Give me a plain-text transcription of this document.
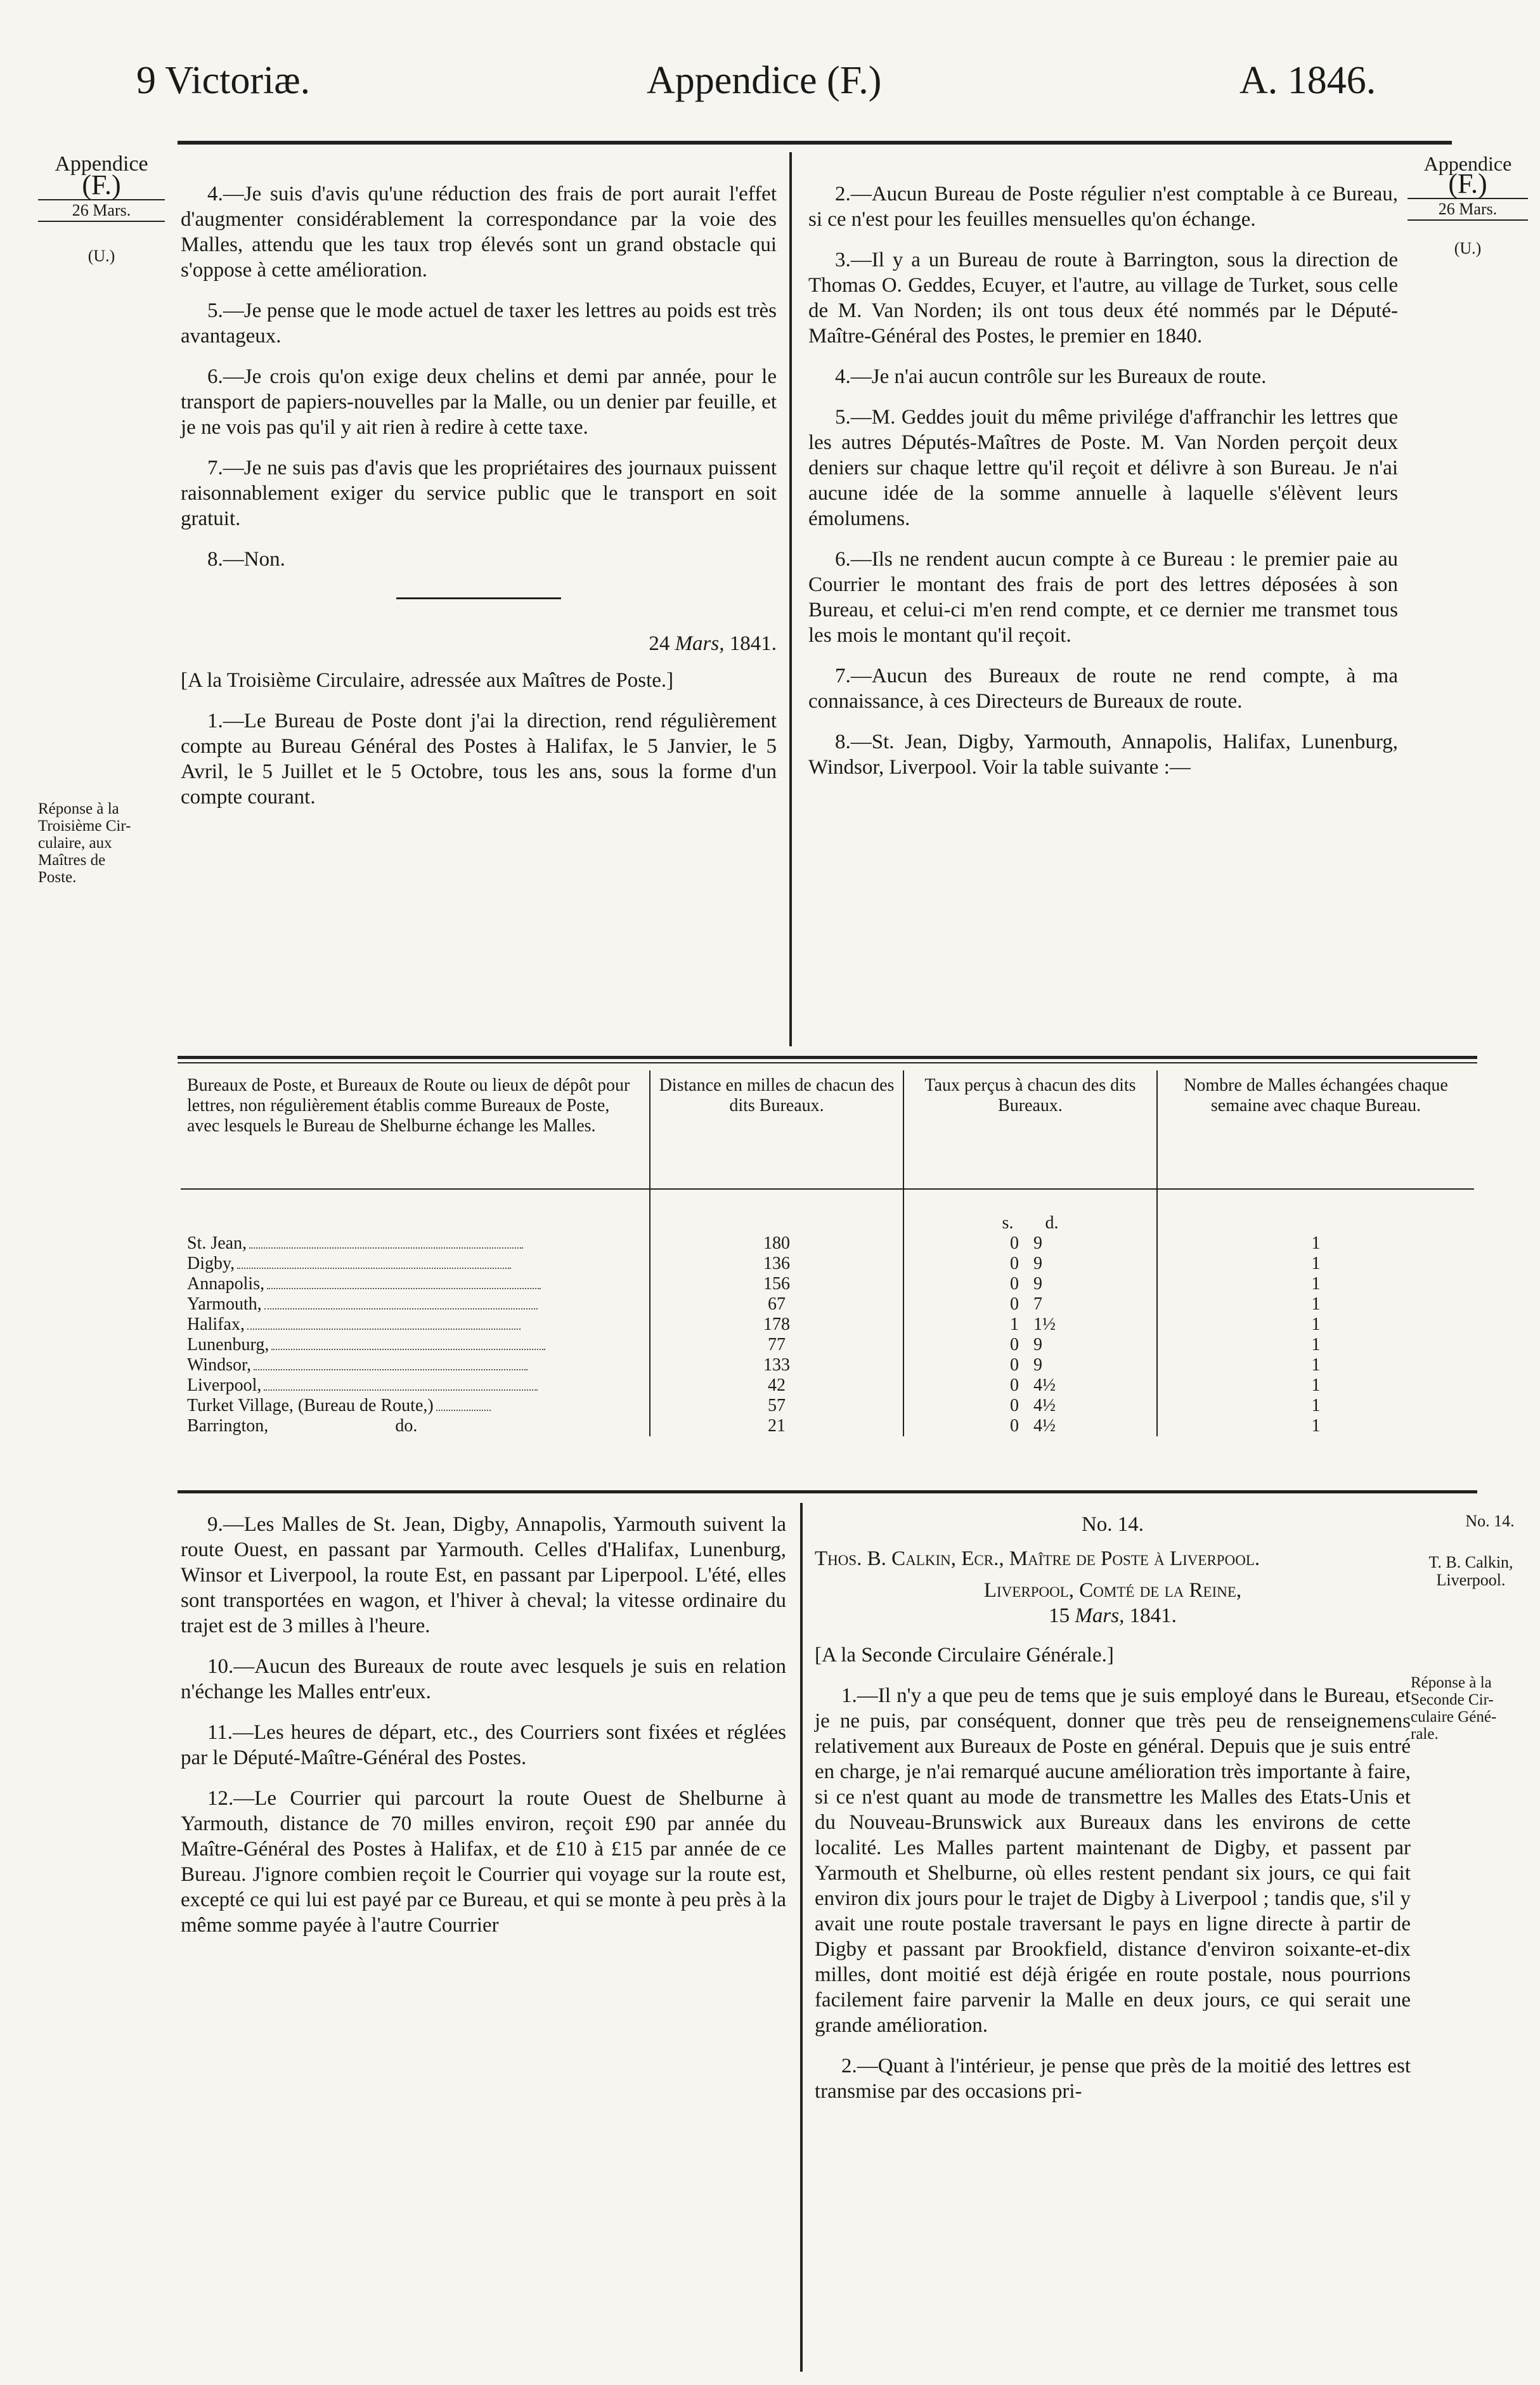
9 Victoriæ.	Appendice (F.)	A. 1846.
Appendice
(F.)
26 Mars.
(U.)
Réponse à la
Troisième Cir-
culaire, aux
Maîtres de
Poste.
Appendice
(F.)
26 Mars.
(U.)
No. 14.
T. B. Calkin,
Liverpool.
Réponse à la
Seconde Cir-
culaire Géné-
rale.

4.—Je suis d'avis qu'une réduction des frais de port aurait l'effet d'augmenter considérablement la correspondance par la voie des Malles, attendu que les taux trop élevés sont un grand obstacle qui s'oppose à cette amélioration.

5.—Je pense que le mode actuel de taxer les lettres au poids est très avantageux.

6.—Je crois qu'on exige deux chelins et demi par année, pour le transport de papiers-nouvelles par la Malle, ou un denier par feuille, et je ne vois pas qu'il y ait rien à redire à cette taxe.

7.—Je ne suis pas d'avis que les propriétaires des journaux puissent raisonnablement exiger du service public que le transport en soit gratuit.

8.—Non.

24 Mars, 1841.

[A la Troisième Circulaire, adressée aux Maîtres de Poste.]

1.—Le Bureau de Poste dont j'ai la direction, rend régulièrement compte au Bureau Général des Postes à Halifax, le 5 Janvier, le 5 Avril, le 5 Juillet et le 5 Octobre, tous les ans, sous la forme d'un compte courant.

2.—Aucun Bureau de Poste régulier n'est comptable à ce Bureau, si ce n'est pour les feuilles mensuelles qu'on échange.

3.—Il y a un Bureau de route à Barrington, sous la direction de Thomas O. Geddes, Ecuyer, et l'autre, au village de Turket, sous celle de M. Van Norden; ils ont tous deux été nommés par le Député-Maître-Général des Postes, le premier en 1840.

4.—Je n'ai aucun contrôle sur les Bureaux de route.

5.—M. Geddes jouit du même privilége d'affranchir les lettres que les autres Députés-Maîtres de Poste. M. Van Norden perçoit deux deniers sur chaque lettre qu'il reçoit et délivre à son Bureau. Je n'ai aucune idée de la somme annuelle à laquelle s'élèvent leurs émolumens.

6.—Ils ne rendent aucun compte à ce Bureau : le premier paie au Courrier le montant des frais de port des lettres déposées à son Bureau, et celui-ci m'en rend compte, et ce dernier me transmet tous les mois le montant qu'il reçoit.

7.—Aucun des Bureaux de route ne rend compte, à ma connaissance, à ces Directeurs de Bureaux de route.

8.—St. Jean, Digby, Yarmouth, Annapolis, Halifax, Lunenburg, Windsor, Liverpool. Voir la table suivante :—

Bureaux de Poste, et Bureaux de Route ou lieux de dépôt pour lettres, non régulièrement établis comme Bureaux de Poste, avec lesquels le Bureau de Shelburne échange les Malles.	Distance en milles de chacun des dits Bureaux.	Taux perçus à chacun des dits Bureaux.	Nombre de Malles échangées chaque semaine avec chaque Bureau.
		s. d.	
St. Jean,	180	0 9	1
Digby,	136	0 9	1
Annapolis,	156	0 9	1
Yarmouth,	67	0 7	1
Halifax,	178	1 1½	1
Lunenburg,	77	0 9	1
Windsor,	133	0 9	1
Liverpool,	42	0 4½	1
Turket Village, (Bureau de Route,)	57	0 4½	1
Barrington, do.	21	0 4½	1

9.—Les Malles de St. Jean, Digby, Annapolis, Yarmouth suivent la route Ouest, en passant par Yarmouth. Celles d'Halifax, Lunenburg, Winsor et Liverpool, la route Est, en passant par Liperpool. L'été, elles sont transportées en wagon, et l'hiver à cheval; la vitesse ordinaire du trajet est de 3 milles à l'heure.

10.—Aucun des Bureaux de route avec lesquels je suis en relation n'échange les Malles entr'eux.

11.—Les heures de départ, etc., des Courriers sont fixées et réglées par le Député-Maître-Général des Postes.

12.—Le Courrier qui parcourt la route Ouest de Shelburne à Yarmouth, distance de 70 milles environ, reçoit £90 par année du Maître-Général des Postes à Halifax, et de £10 à £15 par année de ce Bureau. J'ignore combien reçoit le Courrier qui voyage sur la route est, excepté ce qui lui est payé par ce Bureau, et qui se monte à peu près à la même somme payée à l'autre Courrier

No. 14.

Thos. B. Calkin, Ecr., Maître de Poste à Liverpool.

Liverpool, Comté de la Reine,

15 Mars, 1841.

[A la Seconde Circulaire Générale.]

1.—Il n'y a que peu de tems que je suis employé dans le Bureau, et je ne puis, par conséquent, donner que très peu de renseignemens relativement aux Bureaux de Poste en général. Depuis que je suis entré en charge, je n'ai remarqué aucune amélioration très importante à faire, si ce n'est quant au mode de transmettre les Malles des Etats-Unis et du Nouveau-Brunswick aux Bureaux dans les environs de cette localité. Les Malles partent maintenant de Digby, et passent par Yarmouth et Shelburne, où elles restent pendant six jours, ce qui fait environ dix jours pour le trajet de Digby à Liverpool ; tandis que, s'il y avait une route postale traversant le pays en ligne directe à partir de Digby et passant par Brookfield, distance d'environ soixante-et-dix milles, dont moitié est déjà érigée en route postale, nous pourrions facilement faire parvenir la Malle en deux jours, ce qui serait une grande amélioration.

2.—Quant à l'intérieur, je pense que près de la moitié des lettres est transmise par des occasions pri-
